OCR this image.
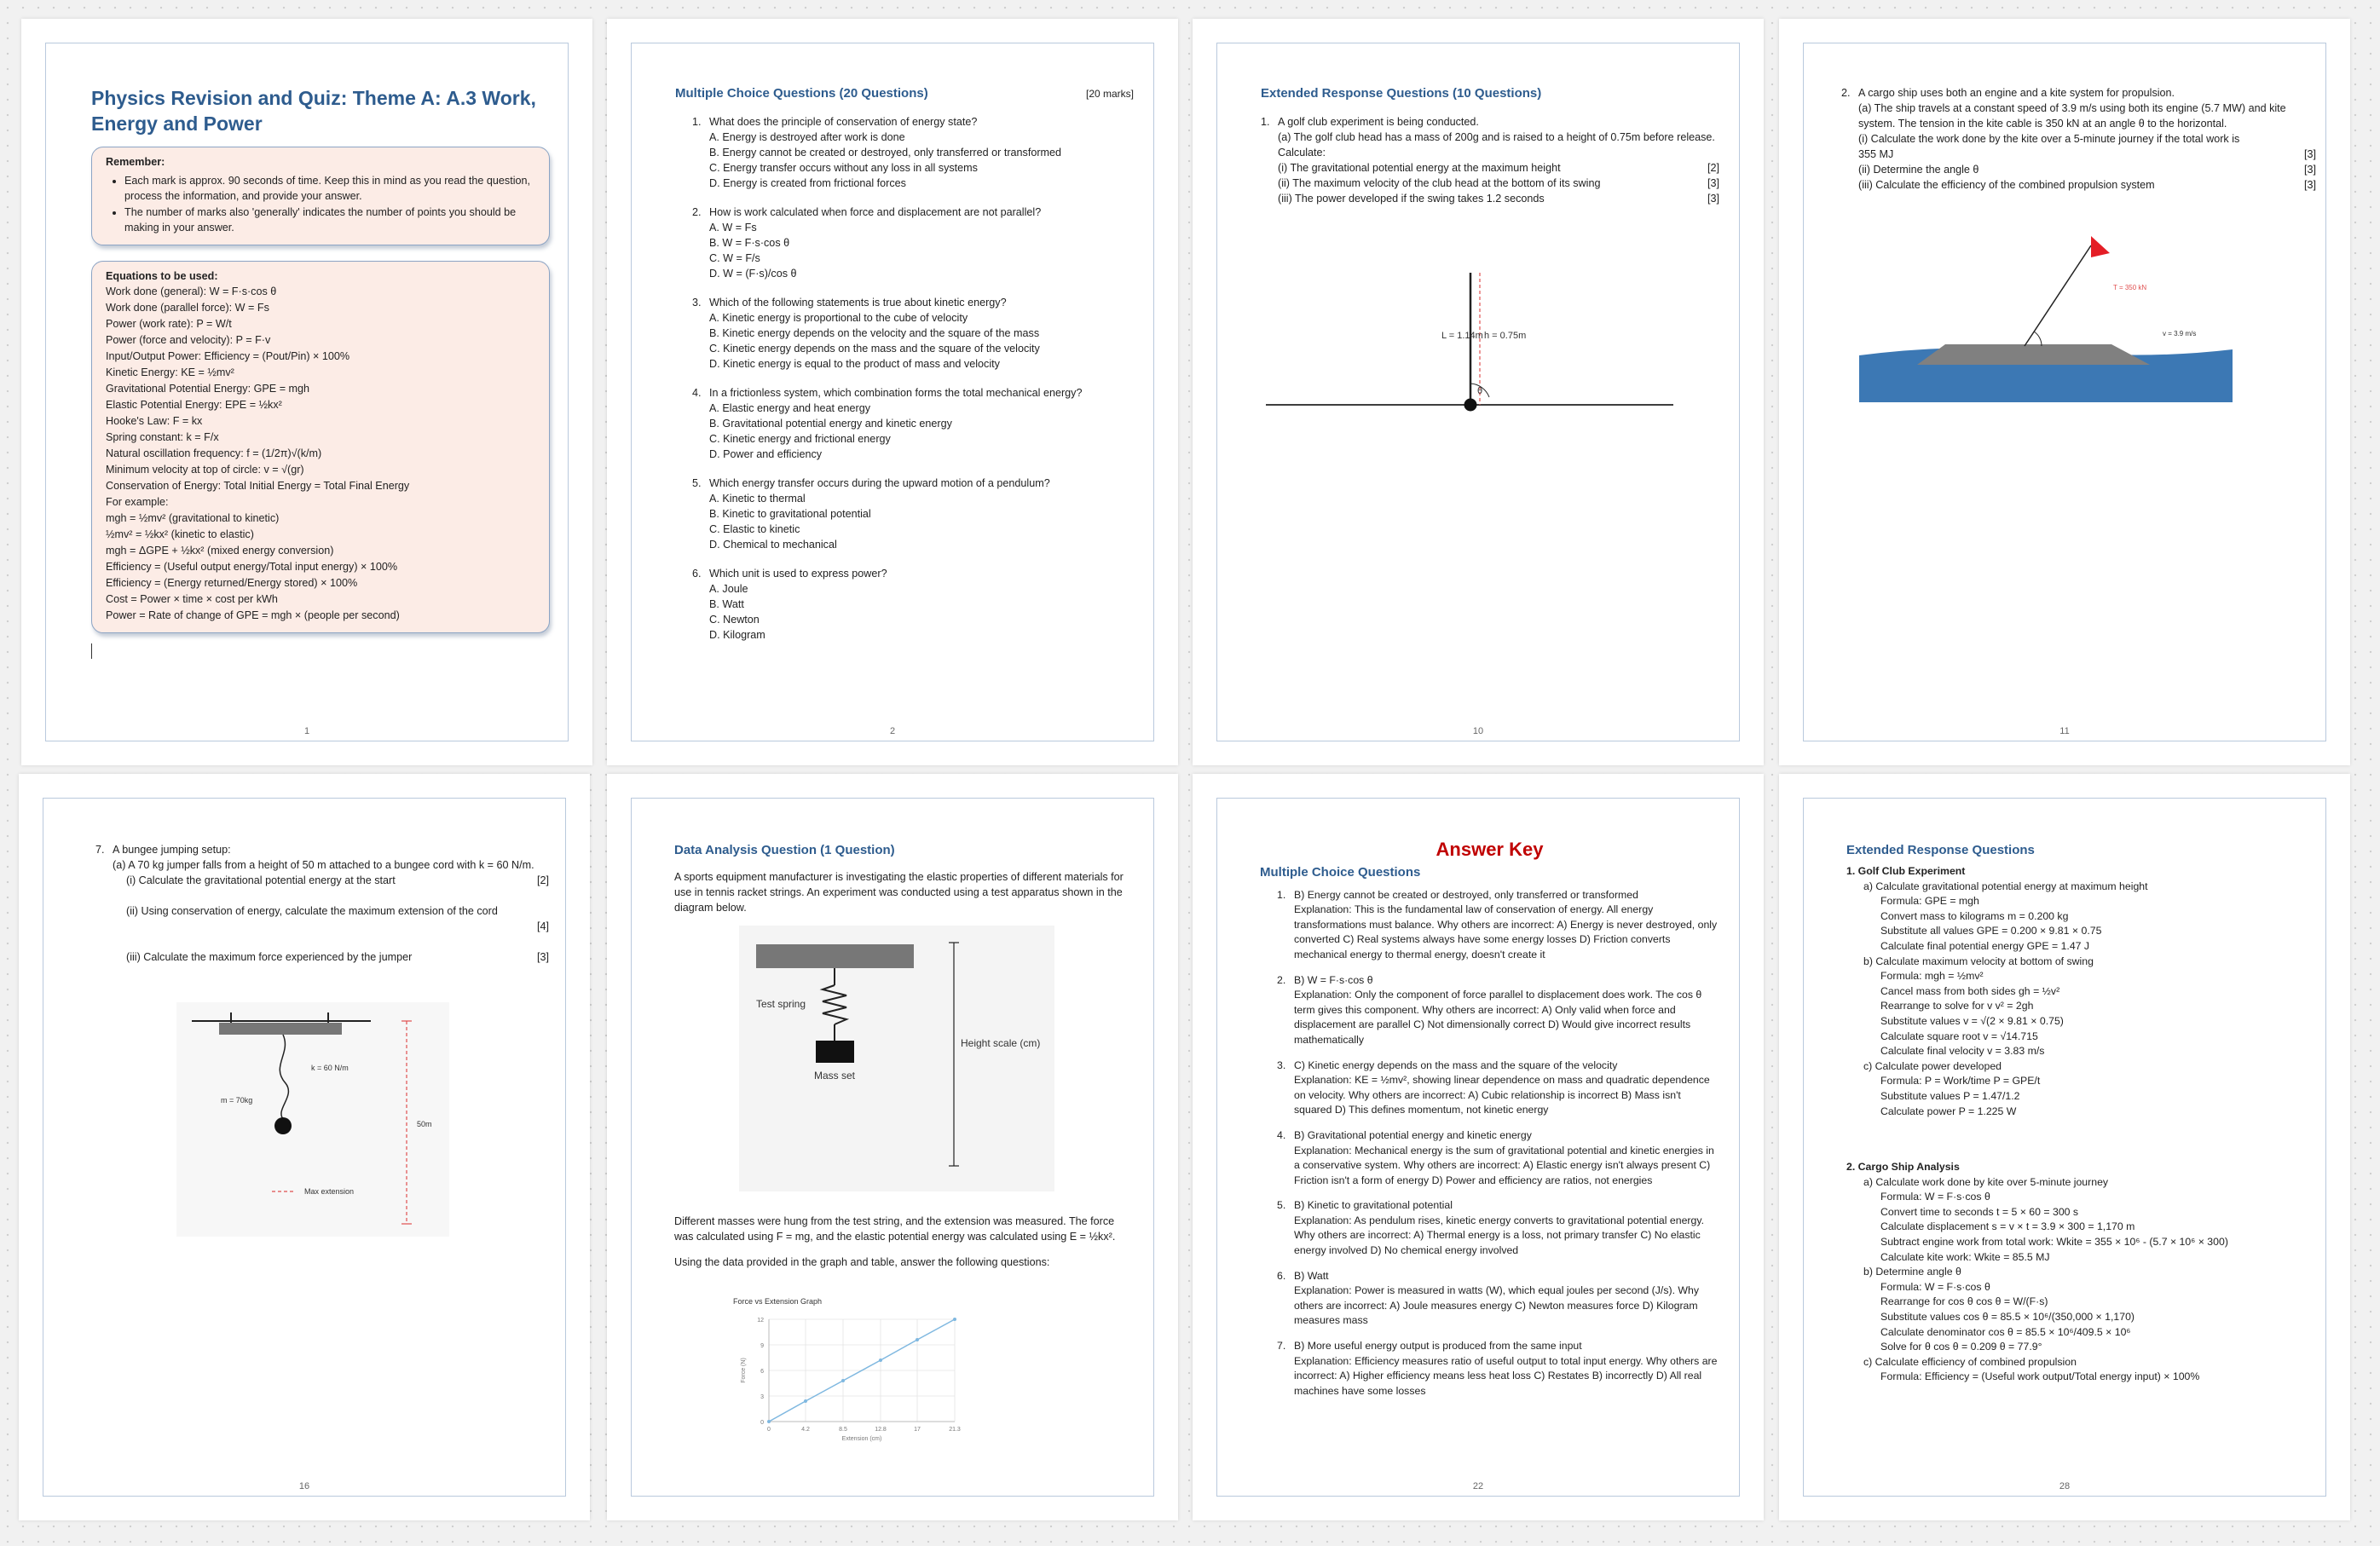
Physics Revision and Quiz: Theme A: A.3 Work, Energy and Power
Remember:
• Each mark is approx. 90 seconds of time. Keep this in mind as you read the question, process the information, and provide your answer.
• The number of marks also 'generally' indicates the number of points you should be making in your answer.
Equations to be used:
Work done (general): W = F·s·cos θ
Work done (parallel force): W = Fs
Power (work rate): P = W/t
Power (force and velocity): P = F·v
Input/Output Power: Efficiency = (Pout/Pin) × 100%
Kinetic Energy: KE = ½mv²
Gravitational Potential Energy: GPE = mgh
Elastic Potential Energy: EPE = ½kx²
Hooke's Law: F = kx
Spring constant: k = F/x
Natural oscillation frequency: f = (1/2π)√(k/m)
Minimum velocity at top of circle: v = √(gr)
Conservation of Energy: Total Initial Energy = Total Final Energy
For example:
mgh = ½mv² (gravitational to kinetic)
½mv² = ½kx² (kinetic to elastic)
mgh = ΔGPE + ½kx² (mixed energy conversion)
Efficiency = (Useful output energy/Total input energy) × 100%
Efficiency = (Energy returned/Energy stored) × 100%
Cost = Power × time × cost per kWh
Power = Rate of change of GPE = mgh × (people per second)
1
Multiple Choice Questions (20 Questions)	[20 marks]
1. What does the principle of conservation of energy state?
A. Energy is destroyed after work is done
B. Energy cannot be created or destroyed, only transferred or transformed
C. Energy transfer occurs without any loss in all systems
D. Energy is created from frictional forces
2. How is work calculated when force and displacement are not parallel?
A. W = Fs
B. W = F·s·cos θ
C. W = F/s
D. W = (F·s)/cos θ
3. Which of the following statements is true about kinetic energy?
A. Kinetic energy is proportional to the cube of velocity
B. Kinetic energy depends on the velocity and the square of the mass
C. Kinetic energy depends on the mass and the square of the velocity
D. Kinetic energy is equal to the product of mass and velocity
4. In a frictionless system, which combination forms the total mechanical energy?
A. Elastic energy and heat energy
B. Gravitational potential energy and kinetic energy
C. Kinetic energy and frictional energy
D. Power and efficiency
5. Which energy transfer occurs during the upward motion of a pendulum?
A. Kinetic to thermal
B. Kinetic to gravitational potential
C. Elastic to kinetic
D. Chemical to mechanical
6. Which unit is used to express power?
A. Joule
B. Watt
C. Newton
D. Kilogram
2
Extended Response Questions (10 Questions)
1. A golf club experiment is being conducted.
(a) The golf club head has a mass of 200g and is raised to a height of 0.75m before release.
Calculate:
(i) The gravitational potential energy at the maximum height	[2]
(ii) The maximum velocity of the club head at the bottom of its swing	[3]
(iii) The power developed if the swing takes 1.2 seconds	[3]
L = 1.14m h = 0.75m
θ
10
2. A cargo ship uses both an engine and a kite system for propulsion.
(a) The ship travels at a constant speed of 3.9 m/s using both its engine (5.7 MW) and kite system. The tension in the kite cable is 350 kN at an angle θ to the horizontal.
(i) Calculate the work done by the kite over a 5-minute journey if the total work is 355 MJ	[3]
(ii) Determine the angle θ	[3]
(iii) Calculate the efficiency of the combined propulsion system	[3]
T = 350 kN
v = 3.9 m/s
11
7. A bungee jumping setup:
(a) A 70 kg jumper falls from a height of 50 m attached to a bungee cord with k = 60 N/m.
(i) Calculate the gravitational potential energy at the start	[2]
(ii) Using conservation of energy, calculate the maximum extension of the cord
[4]
(iii) Calculate the maximum force experienced by the jumper	[3]
k = 60 N/m
m = 70kg
50m
Max extension
16
Data Analysis Question (1 Question)
A sports equipment manufacturer is investigating the elastic properties of different materials for use in tennis racket strings. An experiment was conducted using a test apparatus shown in the diagram below.
Test spring
Mass set
Height scale (cm)
Different masses were hung from the test string, and the extension was measured. The force was calculated using F = mg, and the elastic potential energy was calculated using E = ½kx².
Using the data provided in the graph and table, answer the following questions:
Force vs Extension Graph
0
3
6
9
12
0	4.2	8.5	12.8	17	21.3
Extension (cm)
Force (N)
Answer Key
Multiple Choice Questions
1. B) Energy cannot be created or destroyed, only transferred or transformed
Explanation: This is the fundamental law of conservation of energy. All energy transformations must balance. Why others are incorrect: A) Energy is never destroyed, only converted C) Real systems always have some energy losses D) Friction converts mechanical energy to thermal energy, doesn't create it
2. B) W = F·s·cos θ
Explanation: Only the component of force parallel to displacement does work. The cos θ term gives this component. Why others are incorrect: A) Only valid when force and displacement are parallel C) Not dimensionally correct D) Would give incorrect results mathematically
3. C) Kinetic energy depends on the mass and the square of the velocity
Explanation: KE = ½mv², showing linear dependence on mass and quadratic dependence on velocity. Why others are incorrect: A) Cubic relationship is incorrect B) Mass isn't squared D) This defines momentum, not kinetic energy
4. B) Gravitational potential energy and kinetic energy
Explanation: Mechanical energy is the sum of gravitational potential and kinetic energies in a conservative system. Why others are incorrect: A) Elastic energy isn't always present C) Friction isn't a form of energy D) Power and efficiency are ratios, not energies
5. B) Kinetic to gravitational potential
Explanation: As pendulum rises, kinetic energy converts to gravitational potential energy. Why others are incorrect: A) Thermal energy is a loss, not primary transfer C) No elastic energy involved D) No chemical energy involved
6. B) Watt
Explanation: Power is measured in watts (W), which equal joules per second (J/s). Why others are incorrect: A) Joule measures energy C) Newton measures force D) Kilogram measures mass
7. B) More useful energy output is produced from the same input
Explanation: Efficiency measures ratio of useful output to total input energy. Why others are incorrect: A) Higher efficiency means less heat loss C) Restates B) incorrectly D) All real machines have some losses
22
Extended Response Questions
1. Golf Club Experiment
a) Calculate gravitational potential energy at maximum height
Formula: GPE = mgh
Convert mass to kilograms m = 0.200 kg
Substitute all values GPE = 0.200 × 9.81 × 0.75
Calculate final potential energy GPE = 1.47 J
b) Calculate maximum velocity at bottom of swing
Formula: mgh = ½mv²
Cancel mass from both sides gh = ½v²
Rearrange to solve for v v² = 2gh
Substitute values v = √(2 × 9.81 × 0.75)
Calculate square root v = √14.715
Calculate final velocity v = 3.83 m/s
c) Calculate power developed
Formula: P = Work/time P = GPE/t
Substitute values P = 1.47/1.2
Calculate power P = 1.225 W
2. Cargo Ship Analysis
a) Calculate work done by kite over 5-minute journey
Formula: W = F·s·cos θ
Convert time to seconds t = 5 × 60 = 300 s
Calculate displacement s = v × t = 3.9 × 300 = 1,170 m
Subtract engine work from total work: Wkite = 355 × 10⁶ - (5.7 × 10⁶ × 300)
Calculate kite work: Wkite = 85.5 MJ
b) Determine angle θ
Formula: W = F·s·cos θ
Rearrange for cos θ cos θ = W/(F·s)
Substitute values cos θ = 85.5 × 10⁶/(350,000 × 1,170)
Calculate denominator cos θ = 85.5 × 10⁶/409.5 × 10⁶
Solve for θ cos θ = 0.209 θ = 77.9°
c) Calculate efficiency of combined propulsion
Formula: Efficiency = (Useful work output/Total energy input) × 100%
28
